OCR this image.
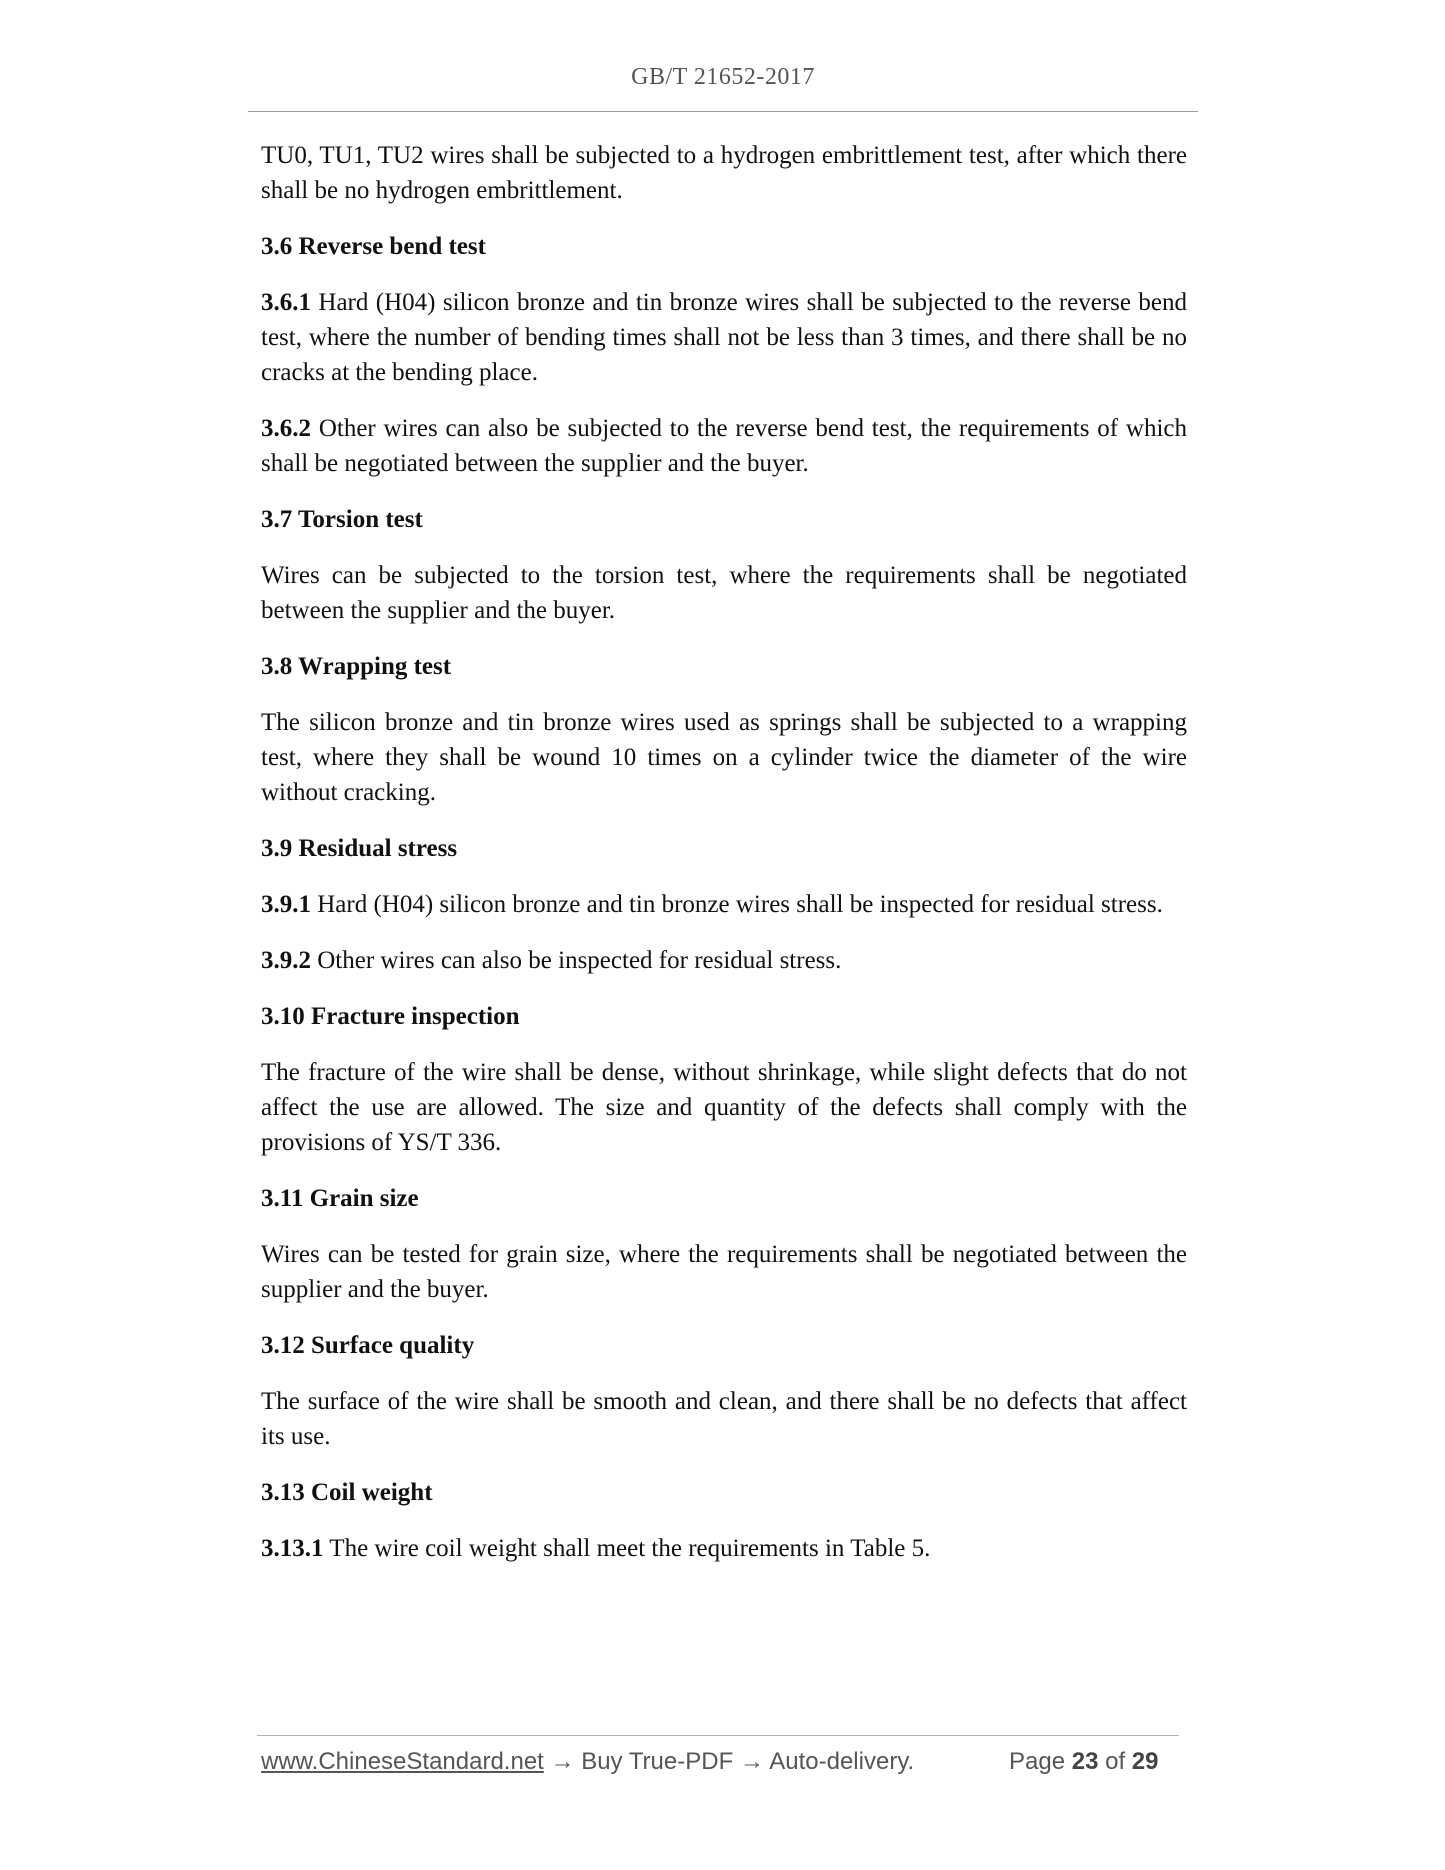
GB/T 21652-2017

TU0, TU1, TU2 wires shall be subjected to a hydrogen embrittlement test, after which there shall be no hydrogen embrittlement.

3.6 Reverse bend test

3.6.1 Hard (H04) silicon bronze and tin bronze wires shall be subjected to the reverse bend test, where the number of bending times shall not be less than 3 times, and there shall be no cracks at the bending place.

3.6.2 Other wires can also be subjected to the reverse bend test, the requirements of which shall be negotiated between the supplier and the buyer.

3.7 Torsion test

Wires can be subjected to the torsion test, where the requirements shall be negotiated between the supplier and the buyer.

3.8 Wrapping test

The silicon bronze and tin bronze wires used as springs shall be subjected to a wrapping test, where they shall be wound 10 times on a cylinder twice the diameter of the wire without cracking.

3.9 Residual stress

3.9.1 Hard (H04) silicon bronze and tin bronze wires shall be inspected for residual stress.

3.9.2 Other wires can also be inspected for residual stress.

3.10 Fracture inspection

The fracture of the wire shall be dense, without shrinkage, while slight defects that do not affect the use are allowed. The size and quantity of the defects shall comply with the provisions of YS/T 336.

3.11 Grain size

Wires can be tested for grain size, where the requirements shall be negotiated between the supplier and the buyer.

3.12 Surface quality

The surface of the wire shall be smooth and clean, and there shall be no defects that affect its use.

3.13 Coil weight

3.13.1 The wire coil weight shall meet the requirements in Table 5.

www.ChineseStandard.net → Buy True-PDF → Auto-delivery.	Page 23 of 29
